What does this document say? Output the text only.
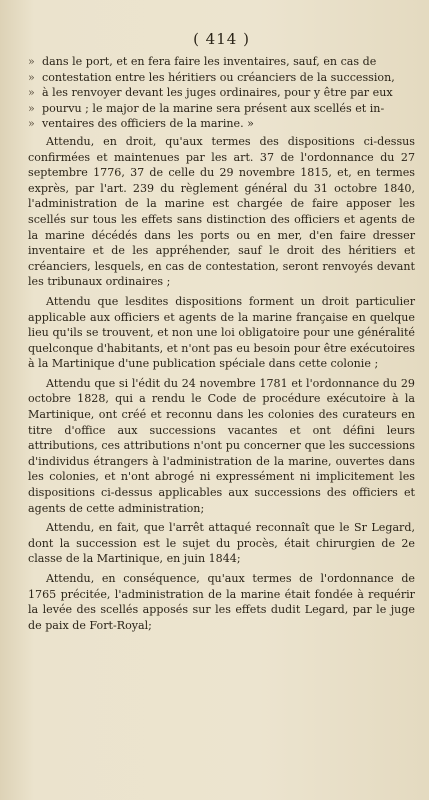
( 414 )
» dans le port, et en fera faire les inventaires, sauf, en cas de
» contestation entre les héritiers ou créanciers de la succession,
» à les renvoyer devant les juges ordinaires, pour y être par eux
» pourvu ; le major de la marine sera présent aux scellés et in-
» ventaires des officiers de la marine. »

Attendu, en droit, qu'aux termes des dispositions ci-dessus confirmées et maintenues par les art. 37 de l'ordonnance du 27 septembre 1776, 37 de celle du 29 novembre 1815, et, en termes exprès, par l'art. 239 du règlement général du 31 octobre 1840, l'administration de la marine est chargée de faire apposer les scellés sur tous les effets sans distinction des officiers et agents de la marine décédés dans les ports ou en mer, d'en faire dresser inventaire et de les appréhender, sauf le droit des héritiers et créanciers, lesquels, en cas de contestation, seront renvoyés devant les tribunaux ordinaires ;

Attendu que lesdites dispositions forment un droit particulier applicable aux officiers et agents de la marine française en quelque lieu qu'ils se trouvent, et non une loi obligatoire pour une généralité quelconque d'habitants, et n'ont pas eu besoin pour être exécutoires à la Martinique d'une publication spéciale dans cette colonie ;

Attendu que si l'édit du 24 novembre 1781 et l'ordonnance du 29 octobre 1828, qui a rendu le Code de procédure exécutoire à la Martinique, ont créé et reconnu dans les colonies des curateurs en titre d'office aux successions vacantes et ont défini leurs attributions, ces attributions n'ont pu concerner que les successions d'individus étrangers à l'administration de la marine, ouvertes dans les colonies, et n'ont abrogé ni expressément ni implicitement les dispositions ci-dessus applicables aux successions des officiers et agents de cette administration;

Attendu, en fait, que l'arrêt attaqué reconnaît que le Sr Legard, dont la succession est le sujet du procès, était chirurgien de 2e classe de la Martinique, en juin 1844;

Attendu, en conséquence, qu'aux termes de l'ordonnance de 1765 précitée, l'administration de la marine était fondée à requérir la levée des scellés apposés sur les effets dudit Legard, par le juge de paix de Fort-Royal;
